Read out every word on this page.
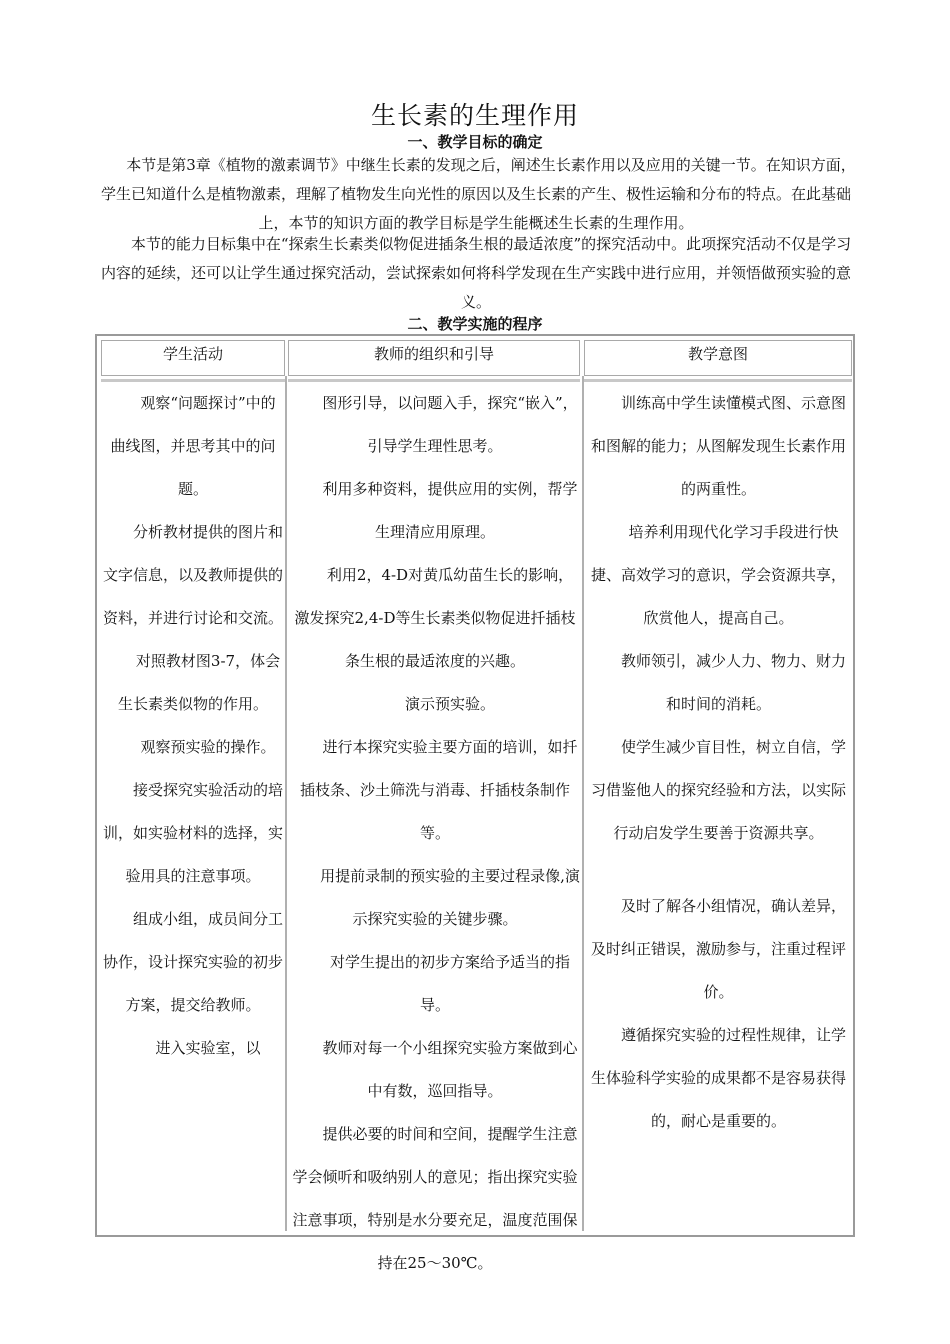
生长素的生理作用
一、教学目标的确定
  本节是第3章《植物的激素调节》中继生长素的发现之后，阐述生长素作用以及应用的关键一节。在知识方面，学生已知道什么是植物激素，理解了植物发生向光性的原因以及生长素的产生、极性运输和分布的特点。在此基础上，本节的知识方面的教学目标是学生能概述生长素的生理作用。
  本节的能力目标集中在“探索生长素类似物促进插条生根的最适浓度”的探究活动中。此项探究活动不仅是学习内容的延续，还可以让学生通过探究活动，尝试探索如何将科学发现在生产实践中进行应用，并领悟做预实验的意义。
二、教学实施的程序
学生活动	教师的组织和引导	教学意图

  观察“问题探讨”中的曲线图，并思考其中的问题。

  分析教材提供的图片和文字信息，以及教师提供的资料，并进行讨论和交流。

  对照教材图3-7，体会生长素类似物的作用。

  观察预实验的操作。

  接受探究实验活动的培训，如实验材料的选择，实验用具的注意事项。

  组成小组，成员间分工协作，设计探究实验的初步方案，提交给教师。

  进入实验室，以

  图形引导，以问题入手，探究“嵌入”，引导学生理性思考。

  利用多种资料，提供应用的实例，帮学生理清应用原理。

  利用2，4-D对黄瓜幼苗生长的影响，激发探究2,4-D等生长素类似物促进扦插枝条生根的最适浓度的兴趣。

  演示预实验。

  进行本探究实验主要方面的培训，如扦插枝条、沙土筛洗与消毒、扦插枝条制作等。

  用提前录制的预实验的主要过程录像,演示探究实验的关键步骤。

  对学生提出的初步方案给予适当的指导。

  教师对每一个小组探究实验方案做到心中有数，巡回指导。

  提供必要的时间和空间，提醒学生注意学会倾听和吸纳别人的意见；指出探究实验注意事项，特别是水分要充足，温度范围保持在25～30℃。

  训练高中学生读懂模式图、示意图和图解的能力；从图解发现生长素作用的两重性。

  培养利用现代化学习手段进行快捷、高效学习的意识，学会资源共享，欣赏他人，提高自己。

  教师领引，减少人力、物力、财力和时间的消耗。

  使学生减少盲目性，树立自信，学习借鉴他人的探究经验和方法，以实际行动启发学生要善于资源共享。

  及时了解各小组情况，确认差异，及时纠正错误，激励参与，注重过程评价。

  遵循探究实验的过程性规律，让学生体验科学实验的成果都不是容易获得的，耐心是重要的。
